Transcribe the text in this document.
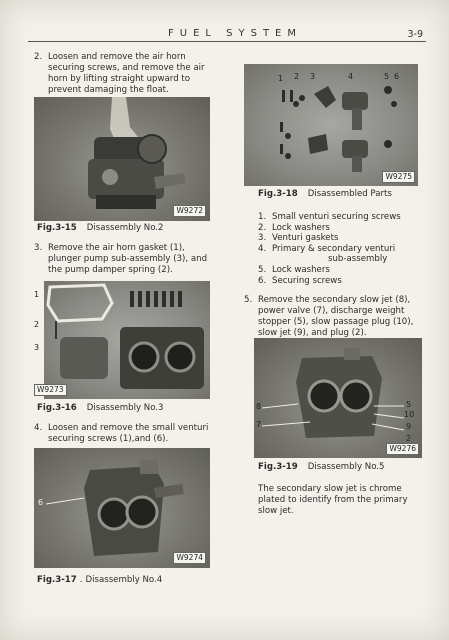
FUEL SYSTEM	3-9
2. Loosen and remove the air horn securing screws, and remove the air horn by lifting straight upward to prevent damaging the float.
W9272
Fig.3-15 Disassembly No.2
3. Remove the air horn gasket (1), plunger pump sub-assembly (3), and the pump damper spring (2).
1
2
3
W9273
Fig.3-16 Disassembly No.3
4. Loosen and remove the small venturi securing screws (1),and (6).
W9274
6
Fig.3-17 . Disassembly No.4
1 2 3	4	5 6
W9275
Fig.3-18 Disassembled Parts
1. Small venturi securing screws
2. Lock washers
3. Venturi gaskets
4. Primary & secondary venturi
sub-assembly
5. Lock washers
6. Securing screws
5. Remove the secondary slow jet (8), power valve (7), discharge weight stopper (5), slow passage plug (10), slow jet (9), and plug (2).
W9276
8
7
5
10
9
2
Fig.3-19 Disassembly No.5
The secondary slow jet is chrome plated to identify from the primary slow jet.
